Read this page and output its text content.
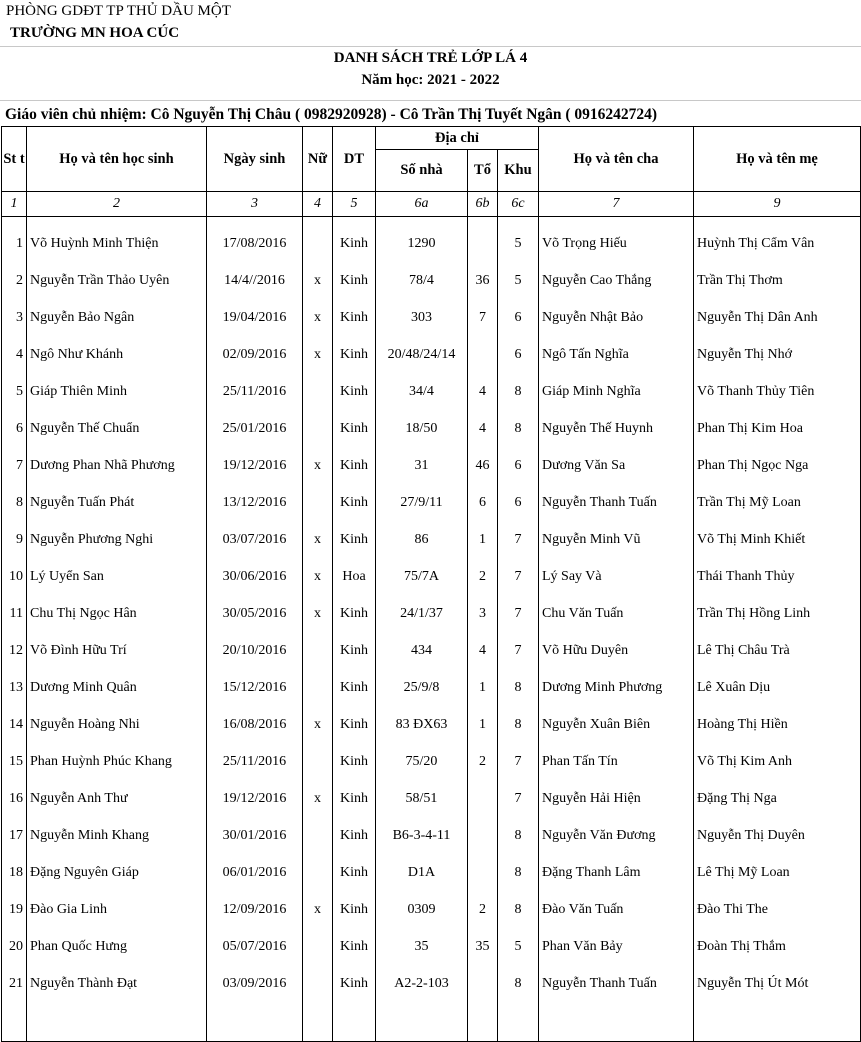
PHÒNG GDĐT TP THỦ DẦU MỘT
TRƯỜNG MN HOA CÚC
DANH SÁCH TRẺ LỚP LÁ 4
Năm học: 2021 - 2022
Giáo viên chủ nhiệm: Cô Nguyễn Thị Châu ( 0982920928) - Cô Trần Thị Tuyết Ngân ( 0916242724)
St t	Họ và tên học sinh	Ngày sinh	Nữ	DT	Địa chỉ			Họ và tên cha	Họ và tên mẹ
					Số nhà	Tổ	Khu		
1	2	3	4	5	6a	6b	6c	7	9
1	Võ Huỳnh Minh Thiện	17/08/2016		Kinh	1290		5	Võ Trọng Hiếu	Huỳnh Thị Cẩm Vân
2	Nguyễn Trần Thảo Uyên	14/4//2016	x	Kinh	78/4	36	5	Nguyễn Cao Thắng	Trần Thị Thơm
3	Nguyễn Bảo Ngân	19/04/2016	x	Kinh	303	7	6	Nguyễn Nhật Bảo	Nguyễn Thị Dân Anh
4	Ngô Như Khánh	02/09/2016	x	Kinh	20/48/24/14		6	Ngô Tấn Nghĩa	Nguyễn Thị Nhớ
5	Giáp Thiên Minh	25/11/2016		Kinh	34/4	4	8	Giáp Minh Nghĩa	Võ Thanh Thủy Tiên
6	Nguyễn Thế Chuẩn	25/01/2016		Kinh	18/50	4	8	Nguyễn Thế Huynh	Phan Thị Kim Hoa
7	Dương Phan Nhã Phương	19/12/2016	x	Kinh	31	46	6	Dương Văn Sa	Phan Thị Ngọc Nga
8	Nguyễn Tuấn Phát	13/12/2016		Kinh	27/9/11	6	6	Nguyễn Thanh Tuấn	Trần Thị Mỹ Loan
9	Nguyễn Phương Nghi	03/07/2016	x	Kinh	86	1	7	Nguyễn Minh Vũ	Võ Thị Minh Khiết
10	Lý Uyển San	30/06/2016	x	Hoa	75/7A	2	7	Lý Say Và	Thái Thanh Thủy
11	Chu Thị Ngọc Hân	30/05/2016	x	Kinh	24/1/37	3	7	Chu Văn Tuấn	Trần Thị Hồng Linh
12	Võ Đình Hữu Trí	20/10/2016		Kinh	434	4	7	Võ Hữu Duyên	Lê Thị Châu Trà
13	Dương Minh Quân	15/12/2016		Kinh	25/9/8	1	8	Dương Minh Phương	Lê Xuân Dịu
14	Nguyễn Hoàng Nhi	16/08/2016	x	Kinh	83 ĐX63	1	8	Nguyễn Xuân Biên	Hoàng Thị Hiền
15	Phan Huỳnh Phúc Khang	25/11/2016		Kinh	75/20	2	7	Phan Tấn Tín	Võ Thị Kim Anh
16	Nguyễn Anh Thư	19/12/2016	x	Kinh	58/51		7	Nguyễn Hải Hiện	Đặng Thị Nga
17	Nguyễn Minh Khang	30/01/2016		Kinh	B6-3-4-11		8	Nguyễn Văn Đương	Nguyễn Thị Duyên
18	Đặng Nguyên Giáp	06/01/2016		Kinh	D1A		8	Đặng Thanh Lâm	Lê Thị Mỹ Loan
19	Đào Gia Linh	12/09/2016	x	Kinh	0309	2	8	Đào Văn Tuấn	Đào Thi The
20	Phan Quốc Hưng	05/07/2016		Kinh	35	35	5	Phan Văn Bảy	Đoàn Thị Thắm
21	Nguyễn Thành Đạt	03/09/2016		Kinh	A2-2-103		8	Nguyễn Thanh Tuấn	Nguyễn Thị Út Mót
